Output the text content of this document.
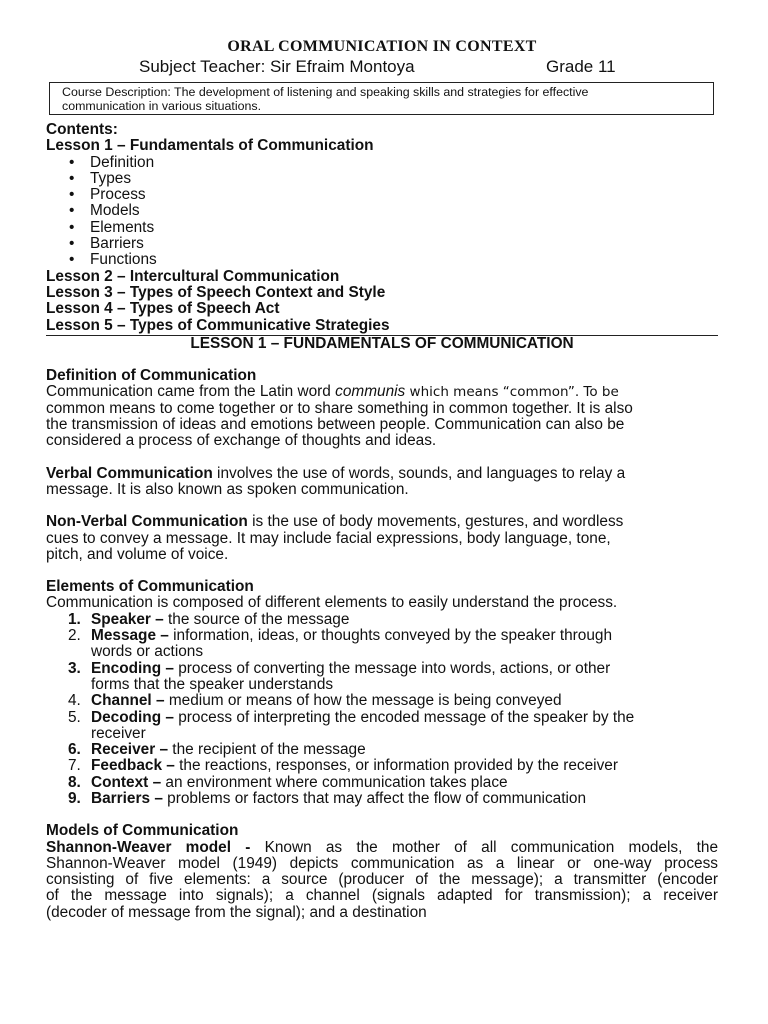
ORAL COMMUNICATION IN CONTEXT
Subject Teacher: Sir Efraim Montoya	Grade 11
Course Description: The development of listening and speaking skills and strategies for effective
communication in various situations.
Contents:
Lesson 1 – Fundamentals of Communication
• Definition
• Types
• Process
• Models
• Elements
• Barriers
• Functions
Lesson 2 – Intercultural Communication
Lesson 3 – Types of Speech Context and Style
Lesson 4 – Types of Speech Act
Lesson 5 – Types of Communicative Strategies
LESSON 1 – FUNDAMENTALS OF COMMUNICATION
Definition of Communication
Communication came from the Latin word communis which means “common”. To be
common means to come together or to share something in common together. It is also
the transmission of ideas and emotions between people. Communication can also be
considered a process of exchange of thoughts and ideas.
Verbal Communication involves the use of words, sounds, and languages to relay a
message. It is also known as spoken communication.
Non-Verbal Communication is the use of body movements, gestures, and wordless
cues to convey a message. It may include facial expressions, body language, tone,
pitch, and volume of voice.
Elements of Communication
Communication is composed of different elements to easily understand the process.
1. Speaker – the source of the message
2. Message – information, ideas, or thoughts conveyed by the speaker through
words or actions
3. Encoding – process of converting the message into words, actions, or other
forms that the speaker understands
4. Channel – medium or means of how the message is being conveyed
5. Decoding – process of interpreting the encoded message of the speaker by the
receiver
6. Receiver – the recipient of the message
7. Feedback – the reactions, responses, or information provided by the receiver
8. Context – an environment where communication takes place
9. Barriers – problems or factors that may affect the flow of communication
Models of Communication
Shannon-Weaver model - Known as the mother of all communication models, the
Shannon-Weaver model (1949) depicts communication as a linear or one-way process
consisting of five elements: a source (producer of the message); a transmitter (encoder
of the message into signals); a channel (signals adapted for transmission); a receiver
(decoder of message from the signal); and a destination
